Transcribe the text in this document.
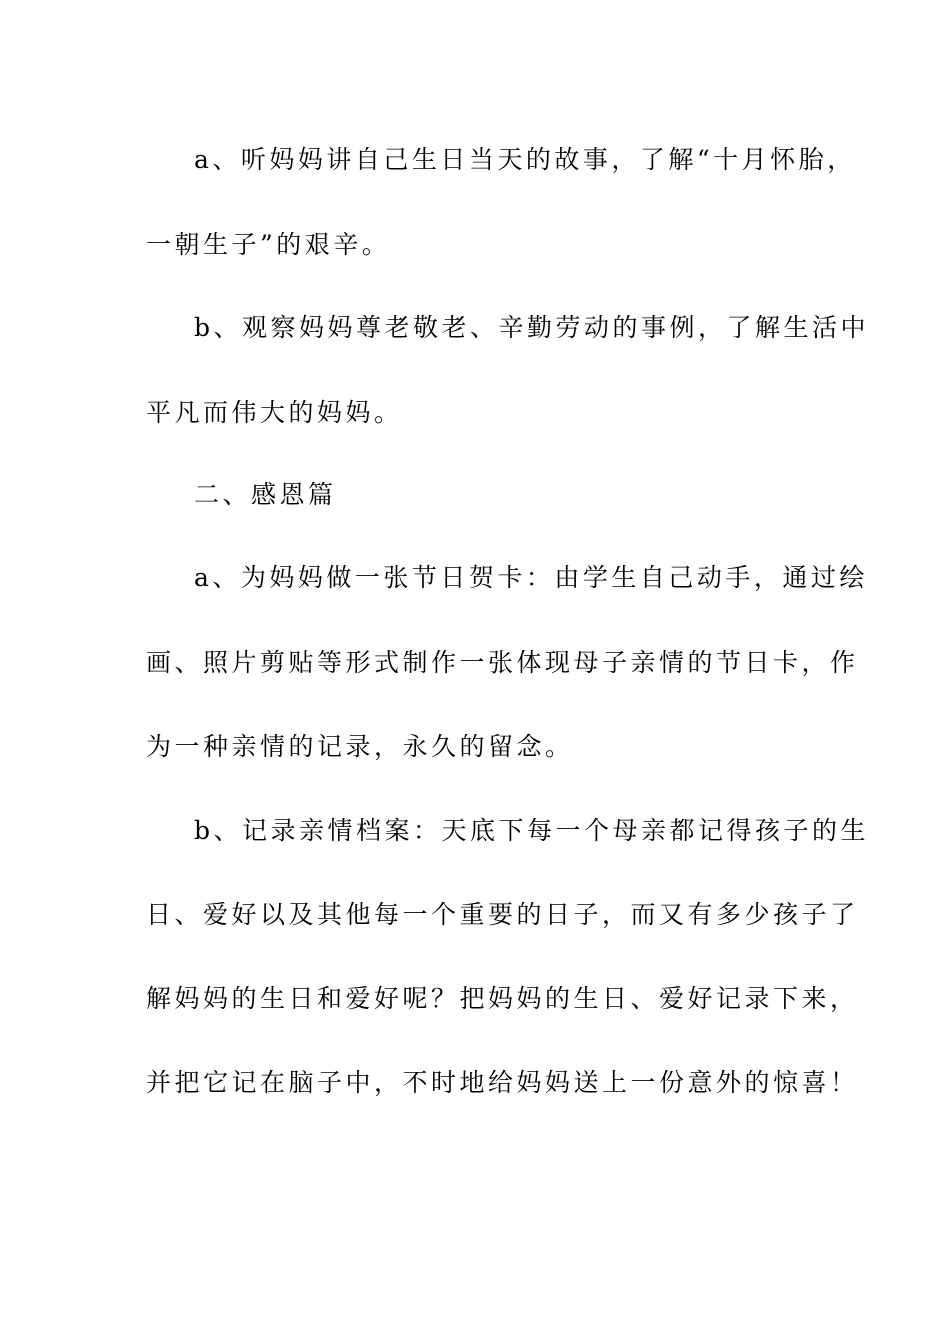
a、听妈妈讲自己生日当天的故事，了解“十月怀胎，
一朝生子”的艰辛。
b、观察妈妈尊老敬老、辛勤劳动的事例，了解生活中
平凡而伟大的妈妈。
二、感恩篇
a、为妈妈做一张节日贺卡：由学生自己动手，通过绘
画、照片剪贴等形式制作一张体现母子亲情的节日卡，作
为一种亲情的记录，永久的留念。
b、记录亲情档案：天底下每一个母亲都记得孩子的生
日、爱好以及其他每一个重要的日子，而又有多少孩子了
解妈妈的生日和爱好呢？把妈妈的生日、爱好记录下来，
并把它记在脑子中，不时地给妈妈送上一份意外的惊喜！
